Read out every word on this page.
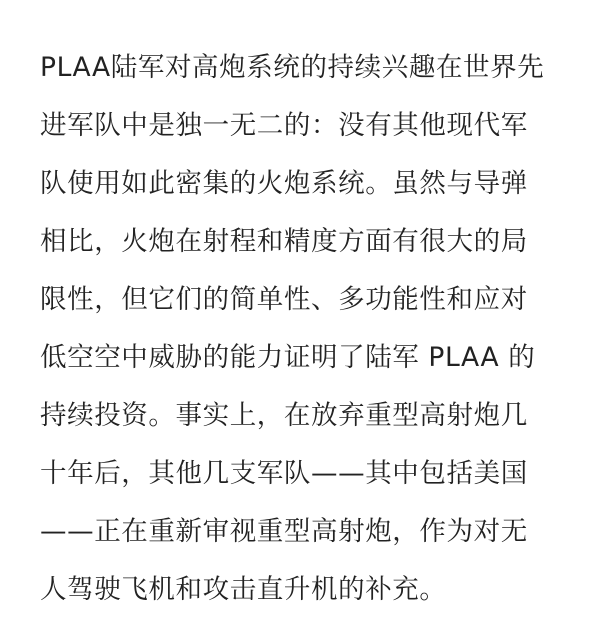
PLAA陆军对高炮系统的持续兴趣在世界先
进军队中是独一无二的：没有其他现代军
队使用如此密集的火炮系统。虽然与导弹
相比，火炮在射程和精度方面有很大的局
限性，但它们的简单性、多功能性和应对
低空空中威胁的能力证明了陆军 PLAA 的
持续投资。事实上，在放弃重型高射炮几
十年后，其他几支军队——其中包括美国
——正在重新审视重型高射炮，作为对无
人驾驶飞机和攻击直升机的补充。
